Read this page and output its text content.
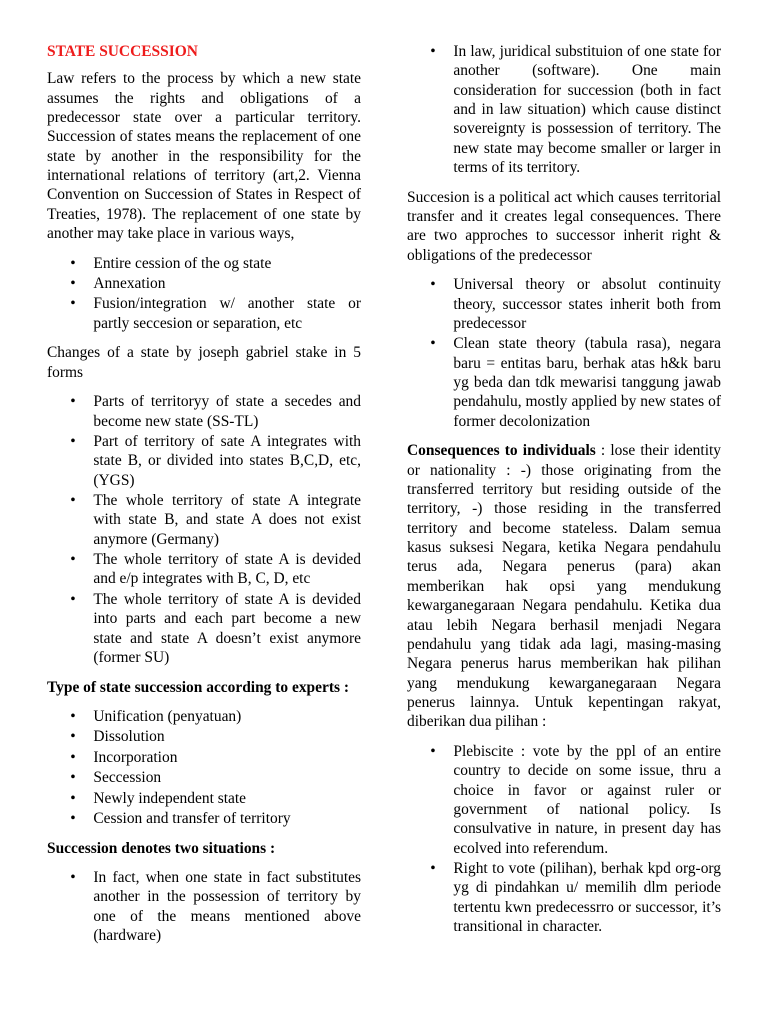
STATE SUCCESSION

Law refers to the process by which a new state assumes the rights and obligations of a predecessor state over a particular territory. Succession of states means the replacement of one state by another in the responsibility for the international relations of territory (art,2. Vienna Convention on Succession of States in Respect of Treaties, 1978). The replacement of one state by another may take place in various ways,

• Entire cession of the og state
• Annexation
• Fusion/integration w/ another state or partly seccesion or separation, etc

Changes of a state by joseph gabriel stake in 5 forms

• Parts of territoryy of state a secedes and become new state (SS-TL)
• Part of territory of sate A integrates with state B, or divided into states B,C,D, etc, (YGS)
• The whole territory of state A integrate with state B, and state A does not exist anymore (Germany)
• The whole territory of state A is devided and e/p integrates with B, C, D, etc
• The whole territory of state A is devided into parts and each part become a new state and state A doesn’t exist anymore (former SU)

Type of state succession according to experts :

• Unification (penyatuan)
• Dissolution
• Incorporation
• Seccession
• Newly independent state
• Cession and transfer of territory

Succession denotes two situations :

• In fact, when one state in fact substitutes another in the possession of territory by one of the means mentioned above (hardware)
• In law, juridical substituion of one state for another (software). One main consideration for succession (both in fact and in law situation) which cause distinct sovereignty is possession of territory. The new state may become smaller or larger in terms of its territory.

Succesion is a political act which causes territorial transfer and it creates legal consequences. There are two approches to successor inherit right & obligations of the predecessor

• Universal theory or absolut continuity theory, successor states inherit both from predecessor
• Clean state theory (tabula rasa), negara baru = entitas baru, berhak atas h&k baru yg beda dan tdk mewarisi tanggung jawab pendahulu, mostly applied by new states of former decolonization

Consequences to individuals : lose their identity or nationality : -) those originating from the transferred territory but residing outside of the territory, -) those residing in the transferred territory and become stateless. Dalam semua kasus suksesi Negara, ketika Negara pendahulu terus ada, Negara penerus (para) akan memberikan hak opsi yang mendukung kewarganegaraan Negara pendahulu. Ketika dua atau lebih Negara berhasil menjadi Negara pendahulu yang tidak ada lagi, masing-masing Negara penerus harus memberikan hak pilihan yang mendukung kewarganegaraan Negara penerus lainnya. Untuk kepentingan rakyat, diberikan dua pilihan :

• Plebiscite : vote by the ppl of an entire country to decide on some issue, thru a choice in favor or against ruler or government of national policy. Is consulvative in nature, in present day has ecolved into referendum.
• Right to vote (pilihan), berhak kpd org-org yg di pindahkan u/ memilih dlm periode tertentu kwn predecessrro or successor, it’s transitional in character.
